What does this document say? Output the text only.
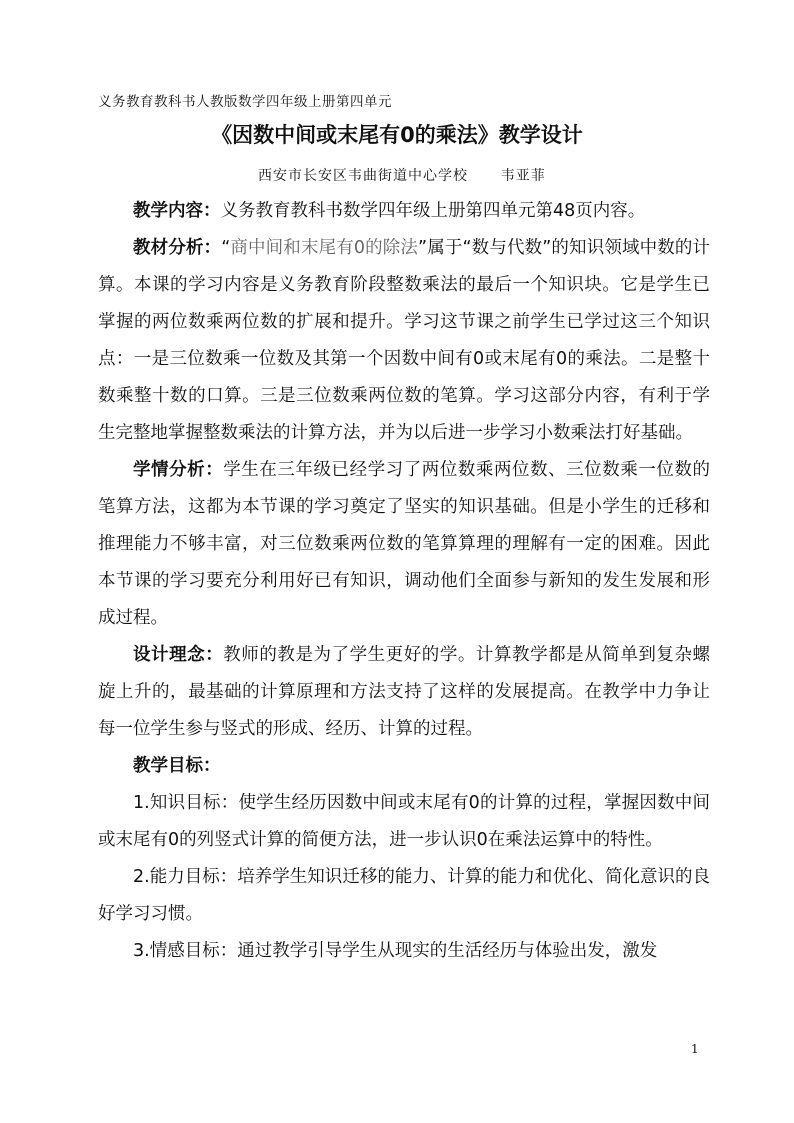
义务教育教科书人教版数学四年级上册第四单元
《因数中间或末尾有0的乘法》教学设计
西安市长安区韦曲街道中心学校      韦亚菲

教学内容：义务教育教科书数学四年级上册第四单元第48页内容。

教材分析：“商中间和末尾有0的除法”属于“数与代数”的知识领域中数的计算。本课的学习内容是义务教育阶段整数乘法的最后一个知识块。它是学生已掌握的两位数乘两位数的扩展和提升。学习这节课之前学生已学过这三个知识点：一是三位数乘一位数及其第一个因数中间有0或末尾有0的乘法。二是整十数乘整十数的口算。三是三位数乘两位数的笔算。学习这部分内容，有利于学生完整地掌握整数乘法的计算方法，并为以后进一步学习小数乘法打好基础。

学情分析：学生在三年级已经学习了两位数乘两位数、三位数乘一位数的笔算方法，这都为本节课的学习奠定了坚实的知识基础。但是小学生的迁移和推理能力不够丰富，对三位数乘两位数的笔算算理的理解有一定的困难。因此本节课的学习要充分利用好已有知识，调动他们全面参与新知的发生发展和形成过程。

设计理念：教师的教是为了学生更好的学。计算教学都是从简单到复杂螺旋上升的，最基础的计算原理和方法支持了这样的发展提高。在教学中力争让每一位学生参与竖式的形成、经历、计算的过程。

教学目标：

1.知识目标：使学生经历因数中间或末尾有0的计算的过程，掌握因数中间或末尾有0的列竖式计算的简便方法，进一步认识0在乘法运算中的特性。

2.能力目标：培养学生知识迁移的能力、计算的能力和优化、简化意识的良好学习习惯。

3.情感目标：通过教学引导学生从现实的生活经历与体验出发，激发

1
